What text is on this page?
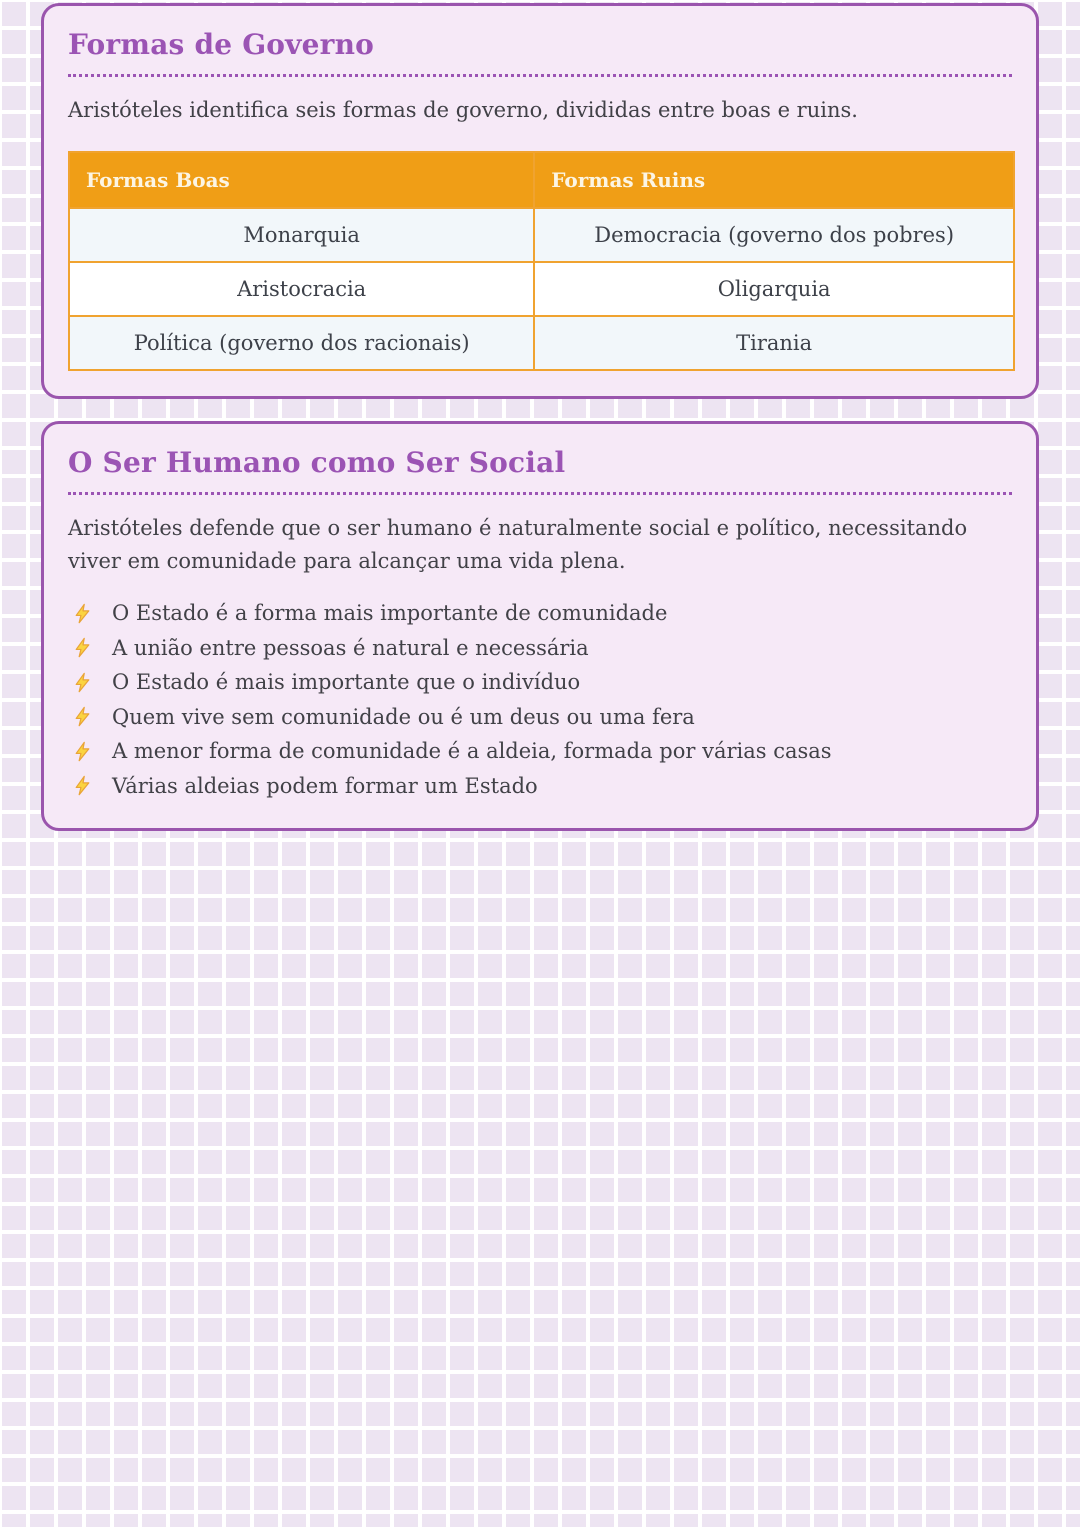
Formas de Governo

Aristóteles identifica seis formas de governo, divididas entre boas e ruins.

Formas Boas	Formas Ruins
Monarquia	Democracia (governo dos pobres)
Aristocracia	Oligarquia
Política (governo dos racionais)	Tirania
O Ser Humano como Ser Social

Aristóteles defende que o ser humano é naturalmente social e político, necessitando viver em comunidade para alcançar uma vida plena.

O Estado é a forma mais importante de comunidade
A união entre pessoas é natural e necessária
O Estado é mais importante que o indivíduo
Quem vive sem comunidade ou é um deus ou uma fera
A menor forma de comunidade é a aldeia, formada por várias casas
Várias aldeias podem formar um Estado
